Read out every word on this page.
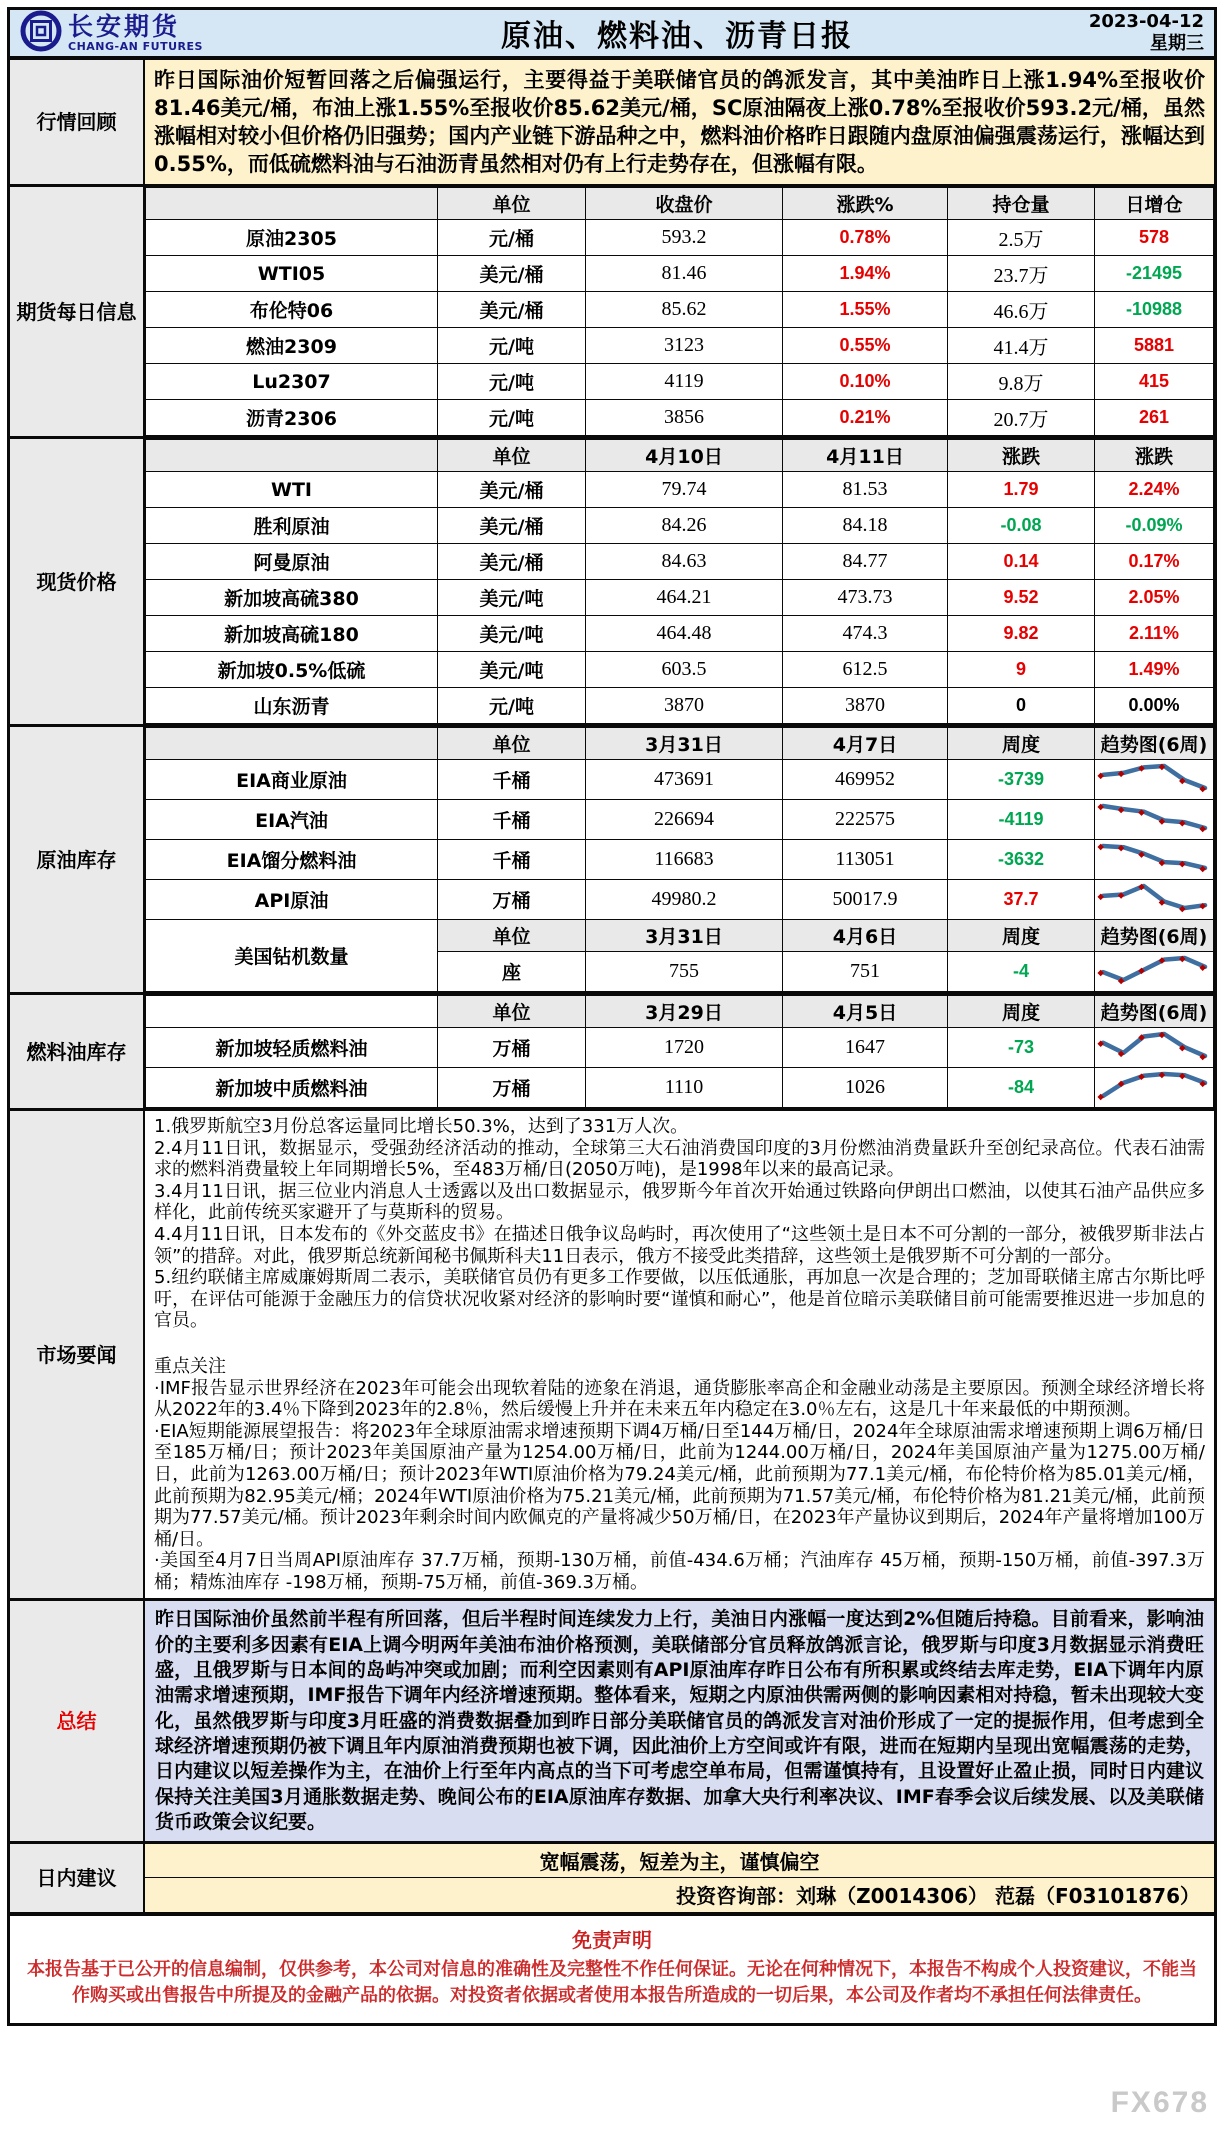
长安期货
CHANG-AN FUTURES	原油、燃料油、沥青日报	2023-04-12
星期三
行情回顾
昨日国际油价短暂回落之后偏强运行，主要得益于美联储官员的鸽派发言，其中美油昨日上涨1.94%至报收价81.46美元/桶，布油上涨1.55%至报收价85.62美元/桶，SC原油隔夜上涨0.78%至报收价593.2元/桶，虽然涨幅相对较小但价格仍旧强势；国内产业链下游品种之中，燃料油价格昨日跟随内盘原油偏强震荡运行，涨幅达到0.55%，而低硫燃料油与石油沥青虽然相对仍有上行走势存在，但涨幅有限。
期货每日信息
	单位	收盘价	涨跌%	持仓量	日增仓
原油2305	元/桶	593.2	0.78%	2.5万	578
WTI05	美元/桶	81.46	1.94%	23.7万	-21495
布伦特06	美元/桶	85.62	1.55%	46.6万	-10988
燃油2309	元/吨	3123	0.55%	41.4万	5881
Lu2307	元/吨	4119	0.10%	9.8万	415
沥青2306	元/吨	3856	0.21%	20.7万	261
现货价格
	单位	4月10日	4月11日	涨跌	涨跌
WTI	美元/桶	79.74	81.53	1.79	2.24%
胜利原油	美元/桶	84.26	84.18	-0.08	-0.09%
阿曼原油	美元/桶	84.63	84.77	0.14	0.17%
新加坡高硫380	美元/吨	464.21	473.73	9.52	2.05%
新加坡高硫180	美元/吨	464.48	474.3	9.82	2.11%
新加坡0.5%低硫	美元/吨	603.5	612.5	9	1.49%
山东沥青	元/吨	3870	3870	0	0.00%
原油库存
	单位	3月31日	4月7日	周度	趋势图(6周)
EIA商业原油	千桶	473691	469952	-3739	
EIA汽油	千桶	226694	222575	-4119	
EIA馏分燃料油	千桶	116683	113051	-3632	
API原油	万桶	49980.2	50017.9	37.7	
美国钻机数量	单位	3月31日	4月6日	周度	趋势图(6周)
	座	755	751	-4	
燃料油库存
	单位	3月29日	4月5日	周度	趋势图(6周)
新加坡轻质燃料油	万桶	1720	1647	-73	
新加坡中质燃料油	万桶	1110	1026	-84	
市场要闻

1.俄罗斯航空3月份总客运量同比增长50.3%，达到了331万人次。

2.4月11日讯，数据显示，受强劲经济活动的推动，全球第三大石油消费国印度的3月份燃油消费量跃升至创纪录高位。代表石油需求的燃料消费量较上年同期增长5%，至483万桶/日(2050万吨)，是1998年以来的最高记录。

3.4月11日讯，据三位业内消息人士透露以及出口数据显示，俄罗斯今年首次开始通过铁路向伊朗出口燃油，以使其石油产品供应多样化，此前传统买家避开了与莫斯科的贸易。

4.4月11日讯，日本发布的《外交蓝皮书》在描述日俄争议岛屿时，再次使用了“这些领土是日本不可分割的一部分，被俄罗斯非法占领”的措辞。对此，俄罗斯总统新闻秘书佩斯科夫11日表示，俄方不接受此类措辞，这些领土是俄罗斯不可分割的一部分。

5.纽约联储主席威廉姆斯周二表示，美联储官员仍有更多工作要做，以压低通胀，再加息一次是合理的；芝加哥联储主席古尔斯比呼吁，在评估可能源于金融压力的信贷状况收紧对经济的影响时要“谨慎和耐心”，他是首位暗示美联储目前可能需要推迟进一步加息的官员。

重点关注

·IMF报告显示世界经济在2023年可能会出现软着陆的迹象在消退，通货膨胀率高企和金融业动荡是主要原因。预测全球经济增长将从2022年的3.4％下降到2023年的2.8％，然后缓慢上升并在未来五年内稳定在3.0％左右，这是几十年来最低的中期预测。

·EIA短期能源展望报告：将2023年全球原油需求增速预期下调4万桶/日至144万桶/日，2024年全球原油需求增速预期上调6万桶/日至185万桶/日；预计2023年美国原油产量为1254.00万桶/日，此前为1244.00万桶/日，2024年美国原油产量为1275.00万桶/日，此前为1263.00万桶/日；预计2023年WTI原油价格为79.24美元/桶，此前预期为77.1美元/桶，布伦特价格为85.01美元/桶，此前预期为82.95美元/桶；2024年WTI原油价格为75.21美元/桶，此前预期为71.57美元/桶，布伦特价格为81.21美元/桶，此前预期为77.57美元/桶。预计2023年剩余时间内欧佩克的产量将减少50万桶/日，在2023年产量协议到期后，2024年产量将增加100万桶/日。

·美国至4月7日当周API原油库存 37.7万桶，预期-130万桶，前值-434.6万桶；汽油库存 45万桶，预期-150万桶，前值-397.3万桶；精炼油库存 -198万桶，预期-75万桶，前值-369.3万桶。

总结
昨日国际油价虽然前半程有所回落，但后半程时间连续发力上行，美油日内涨幅一度达到2%但随后持稳。目前看来，影响油价的主要利多因素有EIA上调今明两年美油布油价格预测，美联储部分官员释放鸽派言论，俄罗斯与印度3月数据显示消费旺盛，且俄罗斯与日本间的岛屿冲突或加剧；而利空因素则有API原油库存昨日公布有所积累或终结去库走势，EIA下调年内原油需求增速预期，IMF报告下调年内经济增速预期。整体看来，短期之内原油供需两侧的影响因素相对持稳，暂未出现较大变化，虽然俄罗斯与印度3月旺盛的消费数据叠加到昨日部分美联储官员的鸽派发言对油价形成了一定的提振作用，但考虑到全球经济增速预期仍被下调且年内原油消费预期也被下调，因此油价上方空间或许有限，进而在短期内呈现出宽幅震荡的走势，日内建议以短差操作为主，在油价上行至年内高点的当下可考虑空单布局，但需谨慎持有，且设置好止盈止损，同时日内建议保持关注美国3月通胀数据走势、晚间公布的EIA原油库存数据、加拿大央行利率决议、IMF春季会议后续发展、以及美联储货币政策会议纪要。
日内建议
宽幅震荡，短差为主，谨慎偏空
投资咨询部：刘琳（Z0014306） 范磊（F03101876）
免责声明
本报告基于已公开的信息编制，仅供参考，本公司对信息的准确性及完整性不作任何保证。无论在何种情况下，本报告不构成个人投资建议，不能当作购买或出售报告中所提及的金融产品的依据。对投资者依据或者使用本报告所造成的一切后果，本公司及作者均不承担任何法律责任。
FX678
